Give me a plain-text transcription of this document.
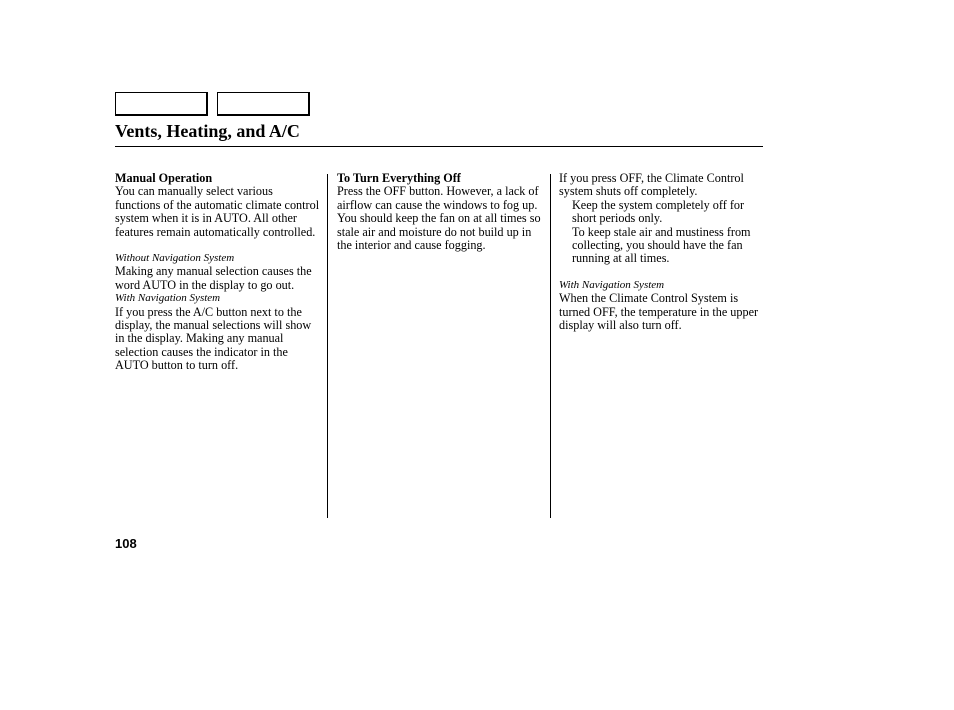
Vents, Heating, and A/C
Manual Operation
You can manually select various functions of the automatic climate control system when it is in AUTO. All other features remain automatically controlled.
Without Navigation System
Making any manual selection causes the word AUTO in the display to go out.
With Navigation System
If you press the A/C button next to the display, the manual selections will show in the display. Making any manual selection causes the indicator in the AUTO button to turn off.
To Turn Everything Off
Press the OFF button. However, a lack of airflow can cause the windows to fog up. You should keep the fan on at all times so stale air and moisture do not build up in the interior and cause fogging.
If you press OFF, the Climate Control system shuts off completely.
Keep the system completely off for short periods only.
To keep stale air and mustiness from collecting, you should have the fan running at all times.
With Navigation System
When the Climate Control System is turned OFF, the temperature in the upper display will also turn off.
108
